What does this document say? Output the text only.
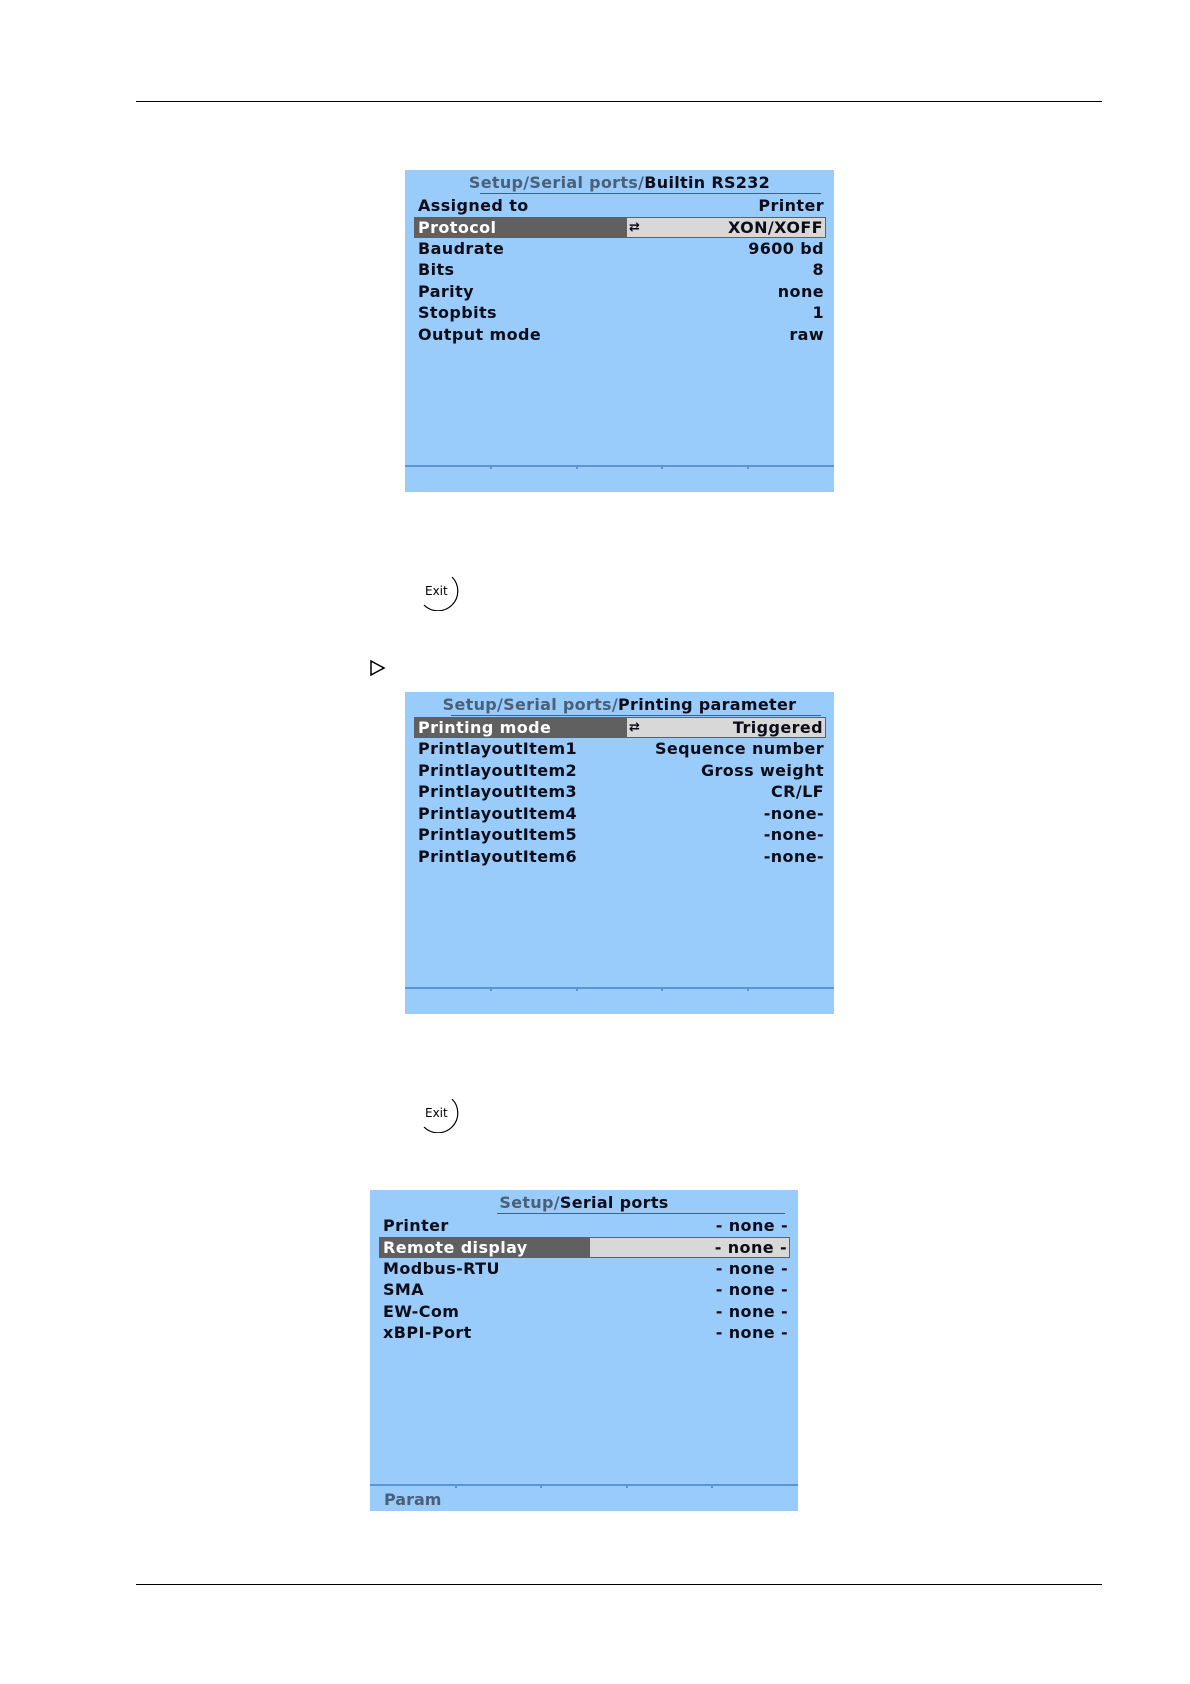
Setup/Serial ports/Builtin RS232
Assigned to	Printer
Protocol	⇄	XON/XOFF
Baudrate	9600 bd
Bits	8
Parity	none
Stopbits	1
Output mode	raw
Exit
Setup/Serial ports/Printing parameter
Printing mode	⇄	Triggered
PrintlayoutItem1	Sequence number
PrintlayoutItem2	Gross weight
PrintlayoutItem3	CR/LF
PrintlayoutItem4	-none-
PrintlayoutItem5	-none-
PrintlayoutItem6	-none-
Exit
Setup/Serial ports
Printer	- none -
Remote display	- none -
Modbus-RTU	- none -
SMA	- none -
EW-Com	- none -
xBPI-Port	- none -
Param
